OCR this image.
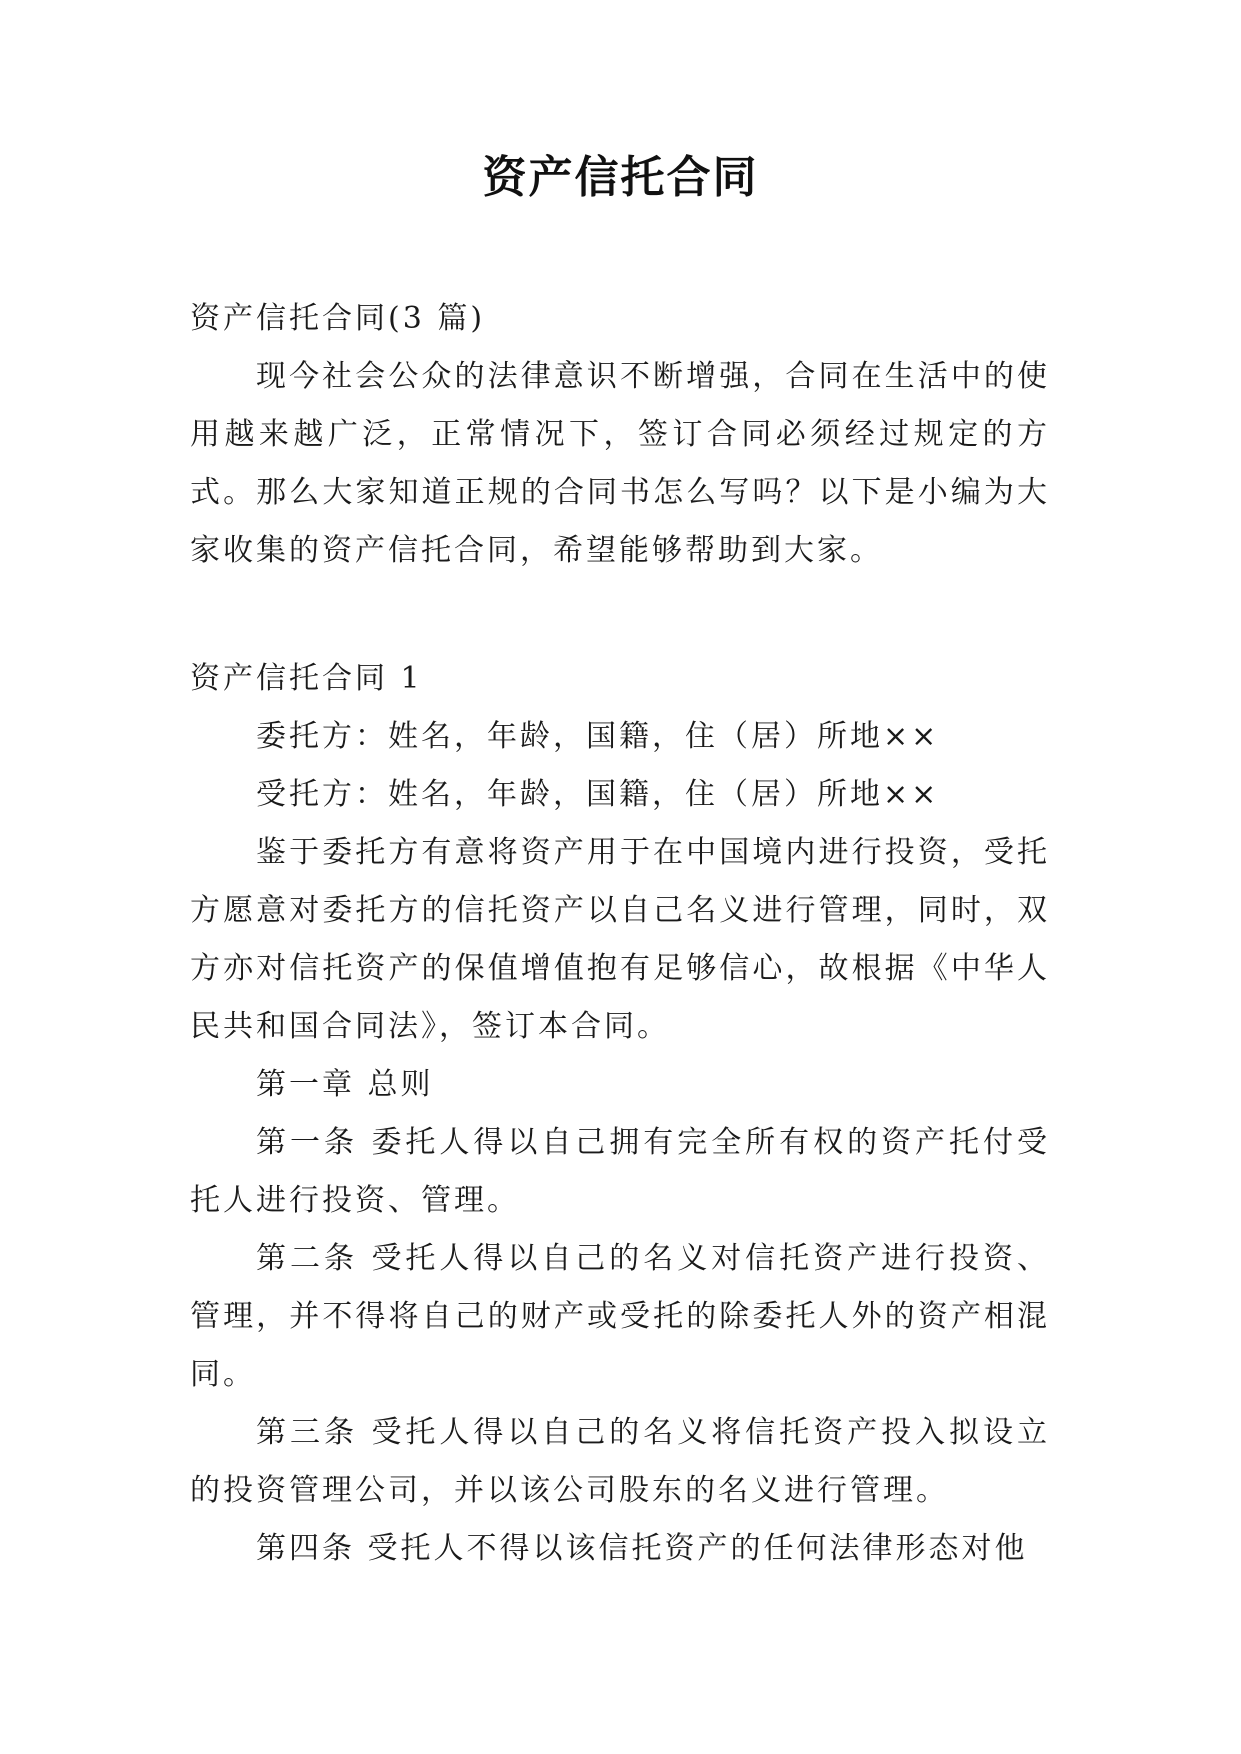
资产信托合同

资产信托合同(3 篇)

现今社会公众的法律意识不断增强，合同在生活中的使用越来越广泛，正常情况下，签订合同必须经过规定的方式。那么大家知道正规的合同书怎么写吗？以下是小编为大家收集的资产信托合同，希望能够帮助到大家。

资产信托合同 1

委托方：姓名，年龄，国籍，住（居）所地××

受托方：姓名，年龄，国籍，住（居）所地××

鉴于委托方有意将资产用于在中国境内进行投资，受托方愿意对委托方的信托资产以自己名义进行管理，同时，双方亦对信托资产的保值增值抱有足够信心，故根据《中华人民共和国合同法》，签订本合同。

第一章 总则

第一条 委托人得以自己拥有完全所有权的资产托付受托人进行投资、管理。

第二条 受托人得以自己的名义对信托资产进行投资、管理，并不得将自己的财产或受托的除委托人外的资产相混同。

第三条 受托人得以自己的名义将信托资产投入拟设立的投资管理公司，并以该公司股东的名义进行管理。

第四条 受托人不得以该信托资产的任何法律形态对他
